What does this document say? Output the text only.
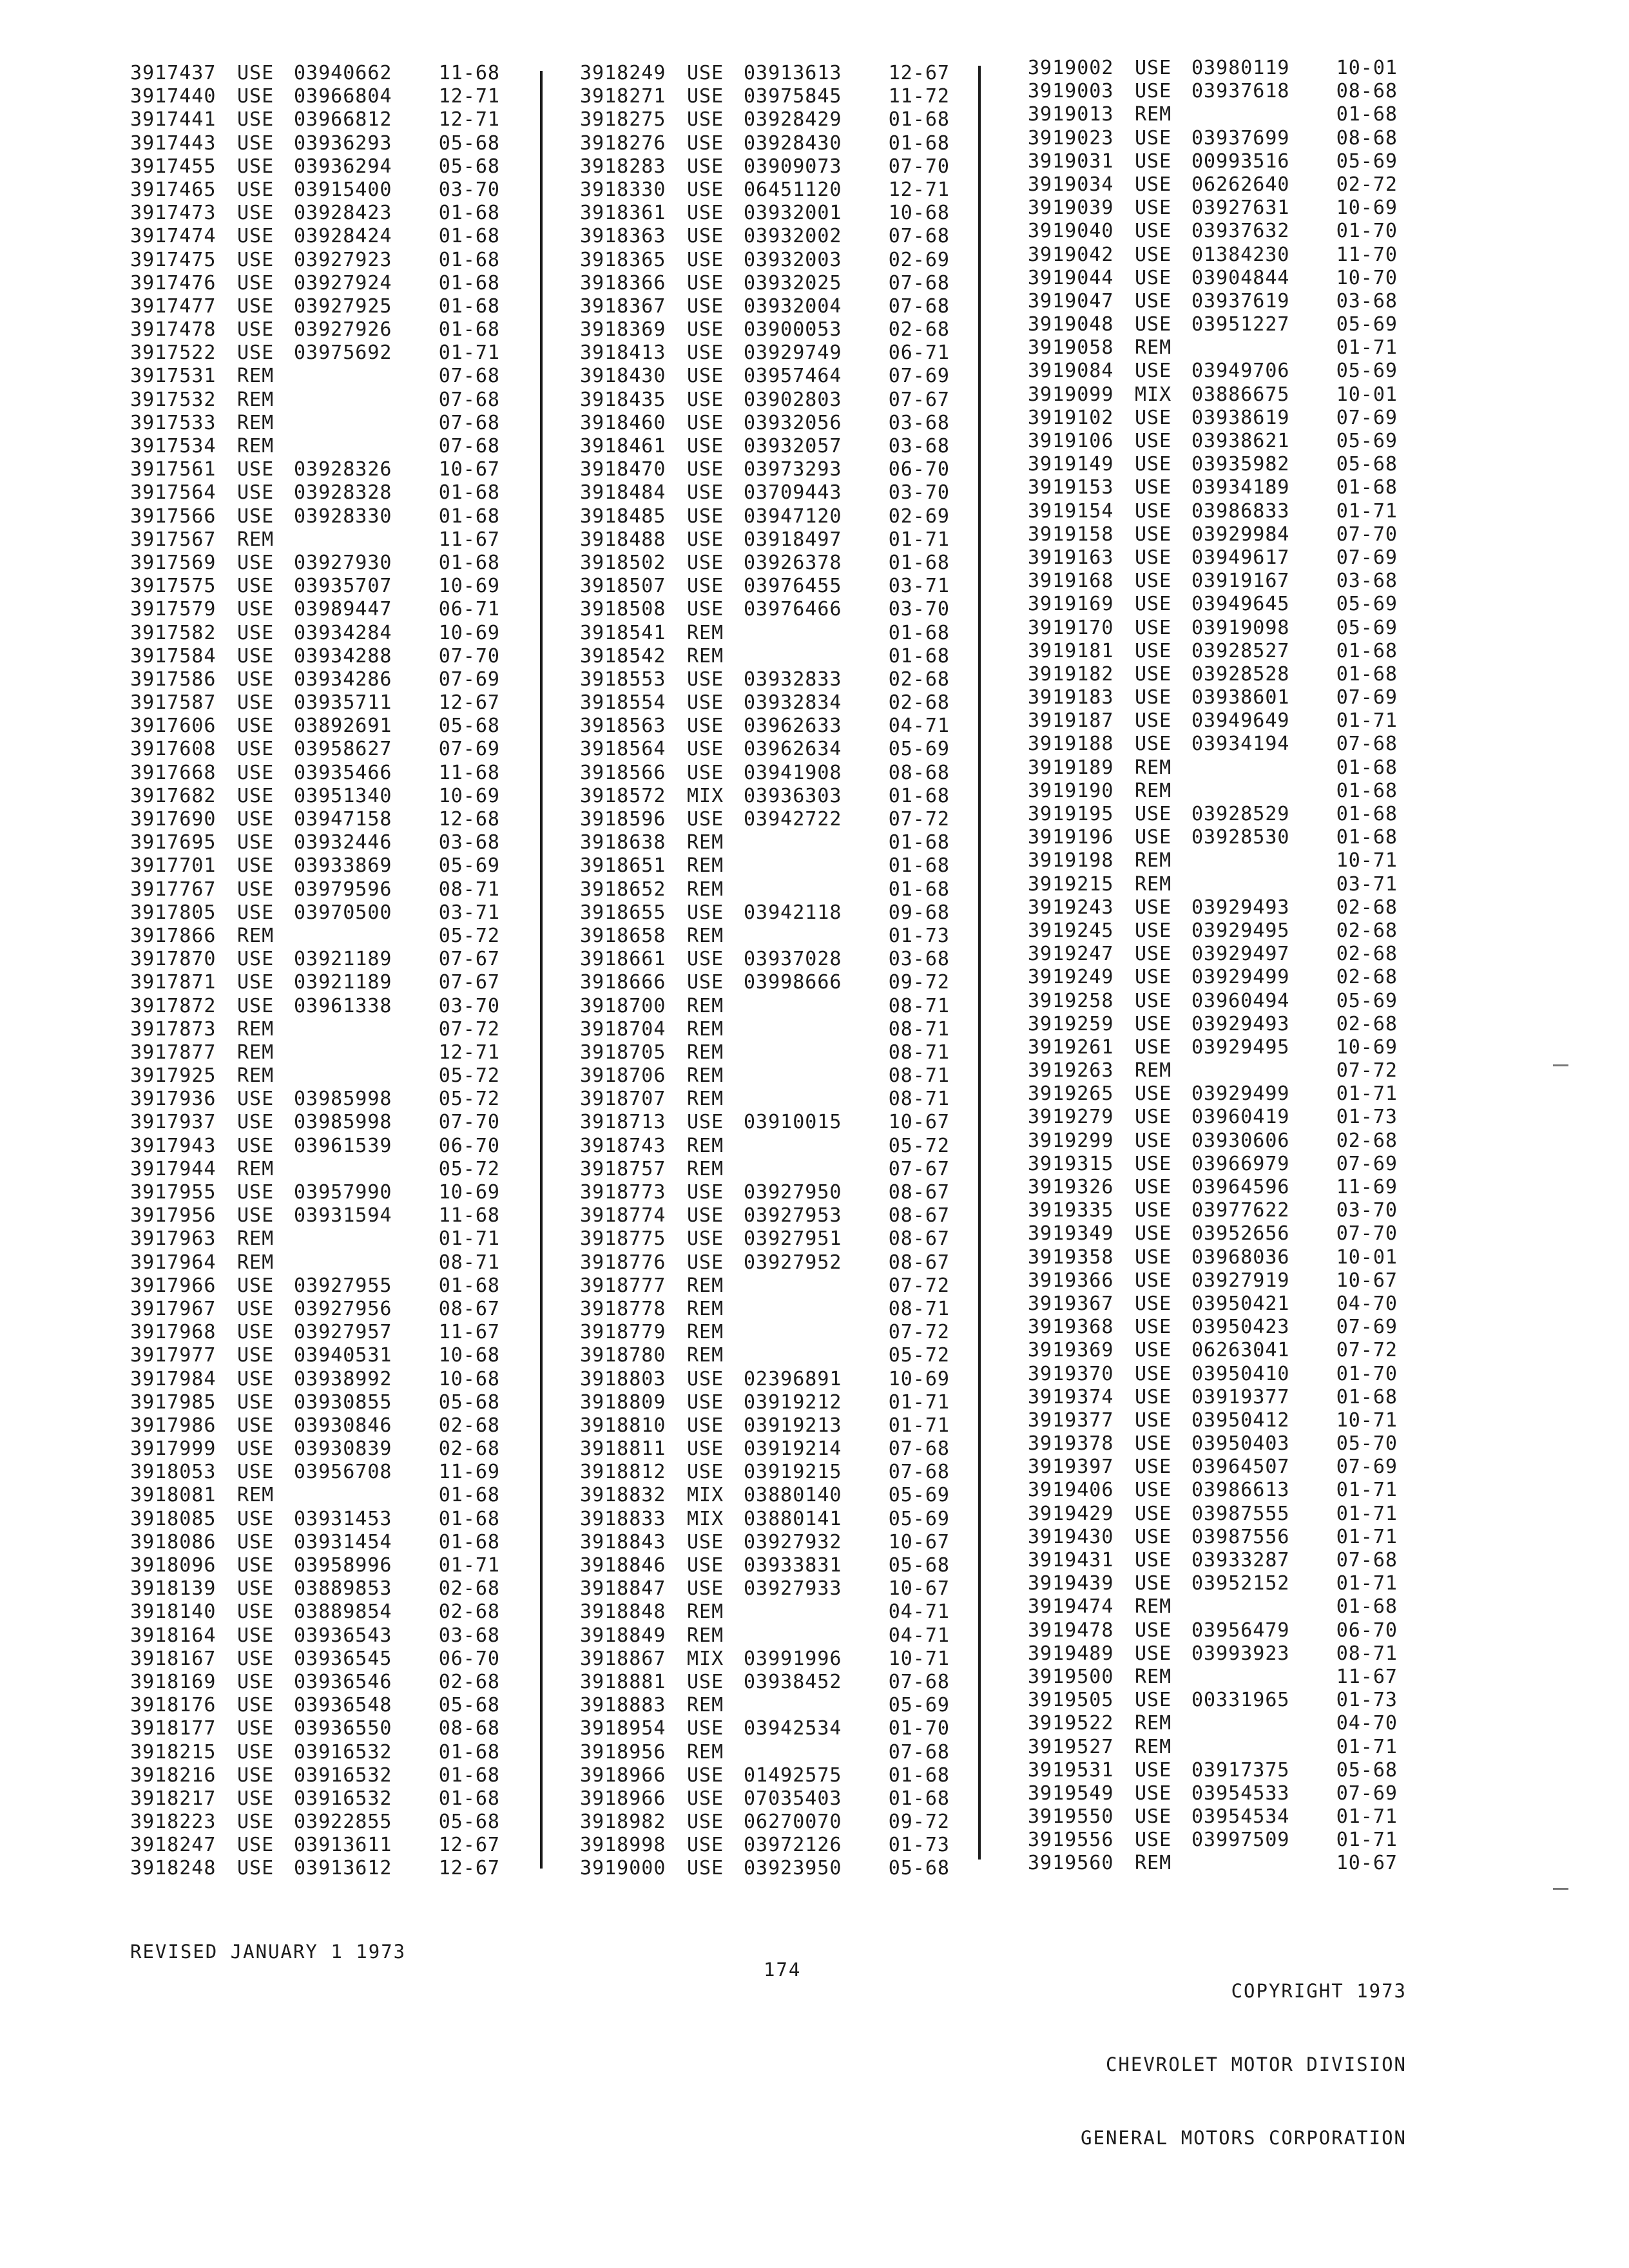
3917437 USE 03940662 11-68
3917440 USE 03966804 12-71
3917441 USE 03966812 12-71
3917443 USE 03936293 05-68
3917455 USE 03936294 05-68
3917465 USE 03915400 03-70
3917473 USE 03928423 01-68
3917474 USE 03928424 01-68
3917475 USE 03927923 01-68
3917476 USE 03927924 01-68
3917477 USE 03927925 01-68
3917478 USE 03927926 01-68
3917522 USE 03975692 01-71
3917531 REM	07-68
3917532 REM	07-68
3917533 REM	07-68
3917534 REM	07-68
3917561 USE 03928326 10-67
3917564 USE 03928328 01-68
3917566 USE 03928330 01-68
3917567 REM	11-67
3917569 USE 03927930 01-68
3917575 USE 03935707 10-69
3917579 USE 03989447 06-71
3917582 USE 03934284 10-69
3917584 USE 03934288 07-70
3917586 USE 03934286 07-69
3917587 USE 03935711 12-67
3917606 USE 03892691 05-68
3917608 USE 03958627 07-69
3917668 USE 03935466 11-68
3917682 USE 03951340 10-69
3917690 USE 03947158 12-68
3917695 USE 03932446 03-68
3917701 USE 03933869 05-69
3917767 USE 03979596 08-71
3917805 USE 03970500 03-71
3917866 REM	05-72
3917870 USE 03921189 07-67
3917871 USE 03921189 07-67
3917872 USE 03961338 03-70
3917873 REM	07-72
3917877 REM	12-71
3917925 REM	05-72
3917936 USE 03985998 05-72
3917937 USE 03985998 07-70
3917943 USE 03961539 06-70
3917944 REM	05-72
3917955 USE 03957990 10-69
3917956 USE 03931594 11-68
3917963 REM	01-71
3917964 REM	08-71
3917966 USE 03927955 01-68
3917967 USE 03927956 08-67
3917968 USE 03927957 11-67
3917977 USE 03940531 10-68
3917984 USE 03938992 10-68
3917985 USE 03930855 05-68
3917986 USE 03930846 02-68
3917999 USE 03930839 02-68
3918053 USE 03956708 11-69
3918081 REM	01-68
3918085 USE 03931453 01-68
3918086 USE 03931454 01-68
3918096 USE 03958996 01-71
3918139 USE 03889853 02-68
3918140 USE 03889854 02-68
3918164 USE 03936543 03-68
3918167 USE 03936545 06-70
3918169 USE 03936546 02-68
3918176 USE 03936548 05-68
3918177 USE 03936550 08-68
3918215 USE 03916532 01-68
3918216 USE 03916532 01-68
3918217 USE 03916532 01-68
3918223 USE 03922855 05-68
3918247 USE 03913611 12-67
3918248 USE 03913612 12-67
3918249 USE 03913613 12-67
3918271 USE 03975845 11-72
3918275 USE 03928429 01-68
3918276 USE 03928430 01-68
3918283 USE 03909073 07-70
3918330 USE 06451120 12-71
3918361 USE 03932001 10-68
3918363 USE 03932002 07-68
3918365 USE 03932003 02-69
3918366 USE 03932025 07-68
3918367 USE 03932004 07-68
3918369 USE 03900053 02-68
3918413 USE 03929749 06-71
3918430 USE 03957464 07-69
3918435 USE 03902803 07-67
3918460 USE 03932056 03-68
3918461 USE 03932057 03-68
3918470 USE 03973293 06-70
3918484 USE 03709443 03-70
3918485 USE 03947120 02-69
3918488 USE 03918497 01-71
3918502 USE 03926378 01-68
3918507 USE 03976455 03-71
3918508 USE 03976466 03-70
3918541 REM	01-68
3918542 REM	01-68
3918553 USE 03932833 02-68
3918554 USE 03932834 02-68
3918563 USE 03962633 04-71
3918564 USE 03962634 05-69
3918566 USE 03941908 08-68
3918572 MIX 03936303 01-68
3918596 USE 03942722 07-72
3918638 REM	01-68
3918651 REM	01-68
3918652 REM	01-68
3918655 USE 03942118 09-68
3918658 REM	01-73
3918661 USE 03937028 03-68
3918666 USE 03998666 09-72
3918700 REM	08-71
3918704 REM	08-71
3918705 REM	08-71
3918706 REM	08-71
3918707 REM	08-71
3918713 USE 03910015 10-67
3918743 REM	05-72
3918757 REM	07-67
3918773 USE 03927950 08-67
3918774 USE 03927953 08-67
3918775 USE 03927951 08-67
3918776 USE 03927952 08-67
3918777 REM	07-72
3918778 REM	08-71
3918779 REM	07-72
3918780 REM	05-72
3918803 USE 02396891 10-69
3918809 USE 03919212 01-71
3918810 USE 03919213 01-71
3918811 USE 03919214 07-68
3918812 USE 03919215 07-68
3918832 MIX 03880140 05-69
3918833 MIX 03880141 05-69
3918843 USE 03927932 10-67
3918846 USE 03933831 05-68
3918847 USE 03927933 10-67
3918848 REM	04-71
3918849 REM	04-71
3918867 MIX 03991996 10-71
3918881 USE 03938452 07-68
3918883 REM	05-69
3918954 USE 03942534 01-70
3918956 REM	07-68
3918966 USE 01492575 01-68
3918966 USE 07035403 01-68
3918982 USE 06270070 09-72
3918998 USE 03972126 01-73
3919000 USE 03923950 05-68
3919002 USE 03980119 10-01
3919003 USE 03937618 08-68
3919013 REM	01-68
3919023 USE 03937699 08-68
3919031 USE 00993516 05-69
3919034 USE 06262640 02-72
3919039 USE 03927631 10-69
3919040 USE 03937632 01-70
3919042 USE 01384230 11-70
3919044 USE 03904844 10-70
3919047 USE 03937619 03-68
3919048 USE 03951227 05-69
3919058 REM	01-71
3919084 USE 03949706 05-69
3919099 MIX 03886675 10-01
3919102 USE 03938619 07-69
3919106 USE 03938621 05-69
3919149 USE 03935982 05-68
3919153 USE 03934189 01-68
3919154 USE 03986833 01-71
3919158 USE 03929984 07-70
3919163 USE 03949617 07-69
3919168 USE 03919167 03-68
3919169 USE 03949645 05-69
3919170 USE 03919098 05-69
3919181 USE 03928527 01-68
3919182 USE 03928528 01-68
3919183 USE 03938601 07-69
3919187 USE 03949649 01-71
3919188 USE 03934194 07-68
3919189 REM	01-68
3919190 REM	01-68
3919195 USE 03928529 01-68
3919196 USE 03928530 01-68
3919198 REM	10-71
3919215 REM	03-71
3919243 USE 03929493 02-68
3919245 USE 03929495 02-68
3919247 USE 03929497 02-68
3919249 USE 03929499 02-68
3919258 USE 03960494 05-69
3919259 USE 03929493 02-68
3919261 USE 03929495 10-69
3919263 REM	07-72
3919265 USE 03929499 01-71
3919279 USE 03960419 01-73
3919299 USE 03930606 02-68
3919315 USE 03966979 07-69
3919326 USE 03964596 11-69
3919335 USE 03977622 03-70
3919349 USE 03952656 07-70
3919358 USE 03968036 10-01
3919366 USE 03927919 10-67
3919367 USE 03950421 04-70
3919368 USE 03950423 07-69
3919369 USE 06263041 07-72
3919370 USE 03950410 01-70
3919374 USE 03919377 01-68
3919377 USE 03950412 10-71
3919378 USE 03950403 05-70
3919397 USE 03964507 07-69
3919406 USE 03986613 01-71
3919429 USE 03987555 01-71
3919430 USE 03987556 01-71
3919431 USE 03933287 07-68
3919439 USE 03952152 01-71
3919474 REM	01-68
3919478 USE 03956479 06-70
3919489 USE 03993923 08-71
3919500 REM	11-67
3919505 USE 00331965 01-73
3919522 REM	04-70
3919527 REM	01-71
3919531 USE 03917375 05-68
3919549 USE 03954533 07-69
3919550 USE 03954534 01-71
3919556 USE 03997509 01-71
3919560 REM	10-67
REVISED JANUARY 1 1973
174

COPYRIGHT 1973

CHEVROLET MOTOR DIVISION

GENERAL MOTORS CORPORATION
